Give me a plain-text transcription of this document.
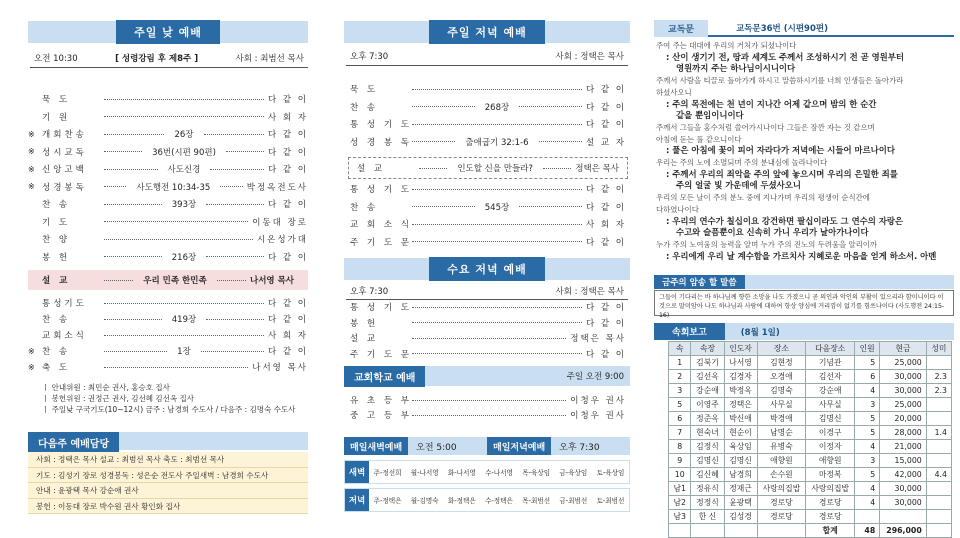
주일 낮 예배
오전 10:30	[ 성령강림 후 제8주 ]	사회 : 최범선 목사
묵 도	다 같 이
기 원	사 회 자
※ 개회찬송	26장	다 같 이
※ 성시교독	36번(시편 90편)	다 같 이
※ 신앙고백	사도신경	다 같 이
※ 성경봉독	사도행전 10:34-35	박정옥전도사
찬 송	393장	다 같 이
기 도	이동대 장로
찬 양	시온성가대
봉 헌	216장	다 같 이
설 교	우리 민족 한민족	나서영 목사
통성기도	다 같 이
찬 송	419장	다 같 이
교회소식	사 회 자
※ 찬 송	1장	다 같 이
※ 축 도	나서영 목사
ㅣ 안내위원 : 최민순 권사, 홍승호 집사
ㅣ 봉헌위원 : 권정근 권사, 김선혜 김선옥 집사
ㅣ 주일낮 구국기도(10~12시) 금주 : 남경희 수도사 / 다음주 : 김명숙 수도사
다음주 예배담당
사회 : 정택은 목사 설교 : 최범선 목사 축도 : 최범선 목사
기도 : 김성기 장로 성경봉독 : 성은순 전도사 주일새벽 : 남경희 수도사
안내 : 윤광택 목사 강순애 권사
봉헌 : 이동대 장로 박수원 권사 황인화 집사
주일 저녁 예배
오후 7:30	사회 : 정택은 목사
묵 도	다 같 이
찬 송	268장	다 같 이
통 성 기 도	다 같 이
성 경 봉 독	출애굽기 32:1-6	설 교 자
설 교	인도할 신을 만들라?	정택은 목사
통 성 기 도	다 같 이
찬 송	545장	다 같 이
교 회 소 식	사 회 자
주 기 도 문	다 같 이
수요 저녁 예배
오후 7:30	사회 : 정택은 목사
통 성 기 도	다 같 이
봉 헌	다 같 이
설 교	정택은 목사
주 기 도 문	다 같 이
교회학교 예배	주일 오전 9:00
유 초 등 부	이청우 권사
중 고 등 부	이청우 권사
매일새벽예배	오전 5:00	매일저녁예배	오후 7:30
새벽	주-정선희	월-나서영	화-나서영	수-나서영	목-육상임	금-육상임	토-육상임
저녁	주-정택은	월-김명숙	화-정택은	수-정택은	목-최범선	금-최범선	토-최범선
교독문	교독문36번 (시편90편)
주여 주는 대대에 우리의 거처가 되셨나이다
: 산이 생기기 전, 땅과 세계도 주께서 조성하시기 전 곧 영원부터
영원까지 주는 하나님이시니이다
주께서 사람을 티끌로 돌아가게 하시고 말씀하시기를 너희 인생들은 돌아가라
하셨사오니
: 주의 목전에는 천 년이 지나간 어제 같으며 밤의 한 순간
같을 뿐임이니이다
주께서 그들을 홍수처럼 쓸어가시나이다 그들은 잠깐 자는 것 같으며
아침에 돋는 풀 같으니이다
: 풀은 아침에 꽃이 피어 자라다가 저녁에는 시들어 마르나이다
우리는 주의 노에 소멸되며 주의 분내심에 놀라나이다
: 주께서 우리의 죄악을 주의 앞에 놓으시며 우리의 은밀한 죄를
주의 얼굴 빛 가운데에 두셨사오니
우리의 모든 날이 주의 분노 중에 지나가며 우리의 평생이 순식간에
다하였나이다
: 우리의 연수가 칠십이요 강건하면 팔십이라도 그 연수의 자랑은
수고와 슬픔뿐이요 신속히 가니 우리가 날아가나이다
누가 주의 노여움의 능력을 알며 누가 주의 진노의 두려움을 알리이까
: 우리에게 우리 날 계수함을 가르치사 지혜로운 마음을 얻게 하소서. 아멘
금주의 암송 할 말씀
그들이 기다리는 바 하나님께 향한 소망을 나도 가졌으니 곧 의인과 악인의 부활이 있으리라 함이니이다 이것으로 말미암아 나도 하나님과 사람에 대하여 항상 양심에 거리낌이 없기를 힘쓰나이다 (사도행전 24:15-16)
속회보고	(8월 1일)
속	속장	인도자	장소	다음장소	인원	현금	성미
1	김북기	나서영	김현정	기념관	5	25,000	
2	김선옥	김경자	오경애	김선자	6	30,000	2.3
3	강순애	박정옥	김명숙	강순애	4	30,000	2.3
5	이영주	정택은	사무실	사무실	3	25,000	
6	정준옥	박신애	박경애	김명신	5	20,000	
7	현숙녀	현순이	남명순	이경구	5	28,000	1.4
8	김정식	육상임	유병숙	이정자	4	21,000	
9	김명신	김명신	애향원	애향원	3	15,000	
10	김신혜	남경희	손수원	마정복	5	42,000	4.4
남1	정유식	정재근	사랑의집밥	사랑의집밥	4	30,000	
남2	정정식	윤광택	경로당	경로당	4	30,000	
남3	한 신	김성경	경로당	경로당			
				합계	48	296,000	
